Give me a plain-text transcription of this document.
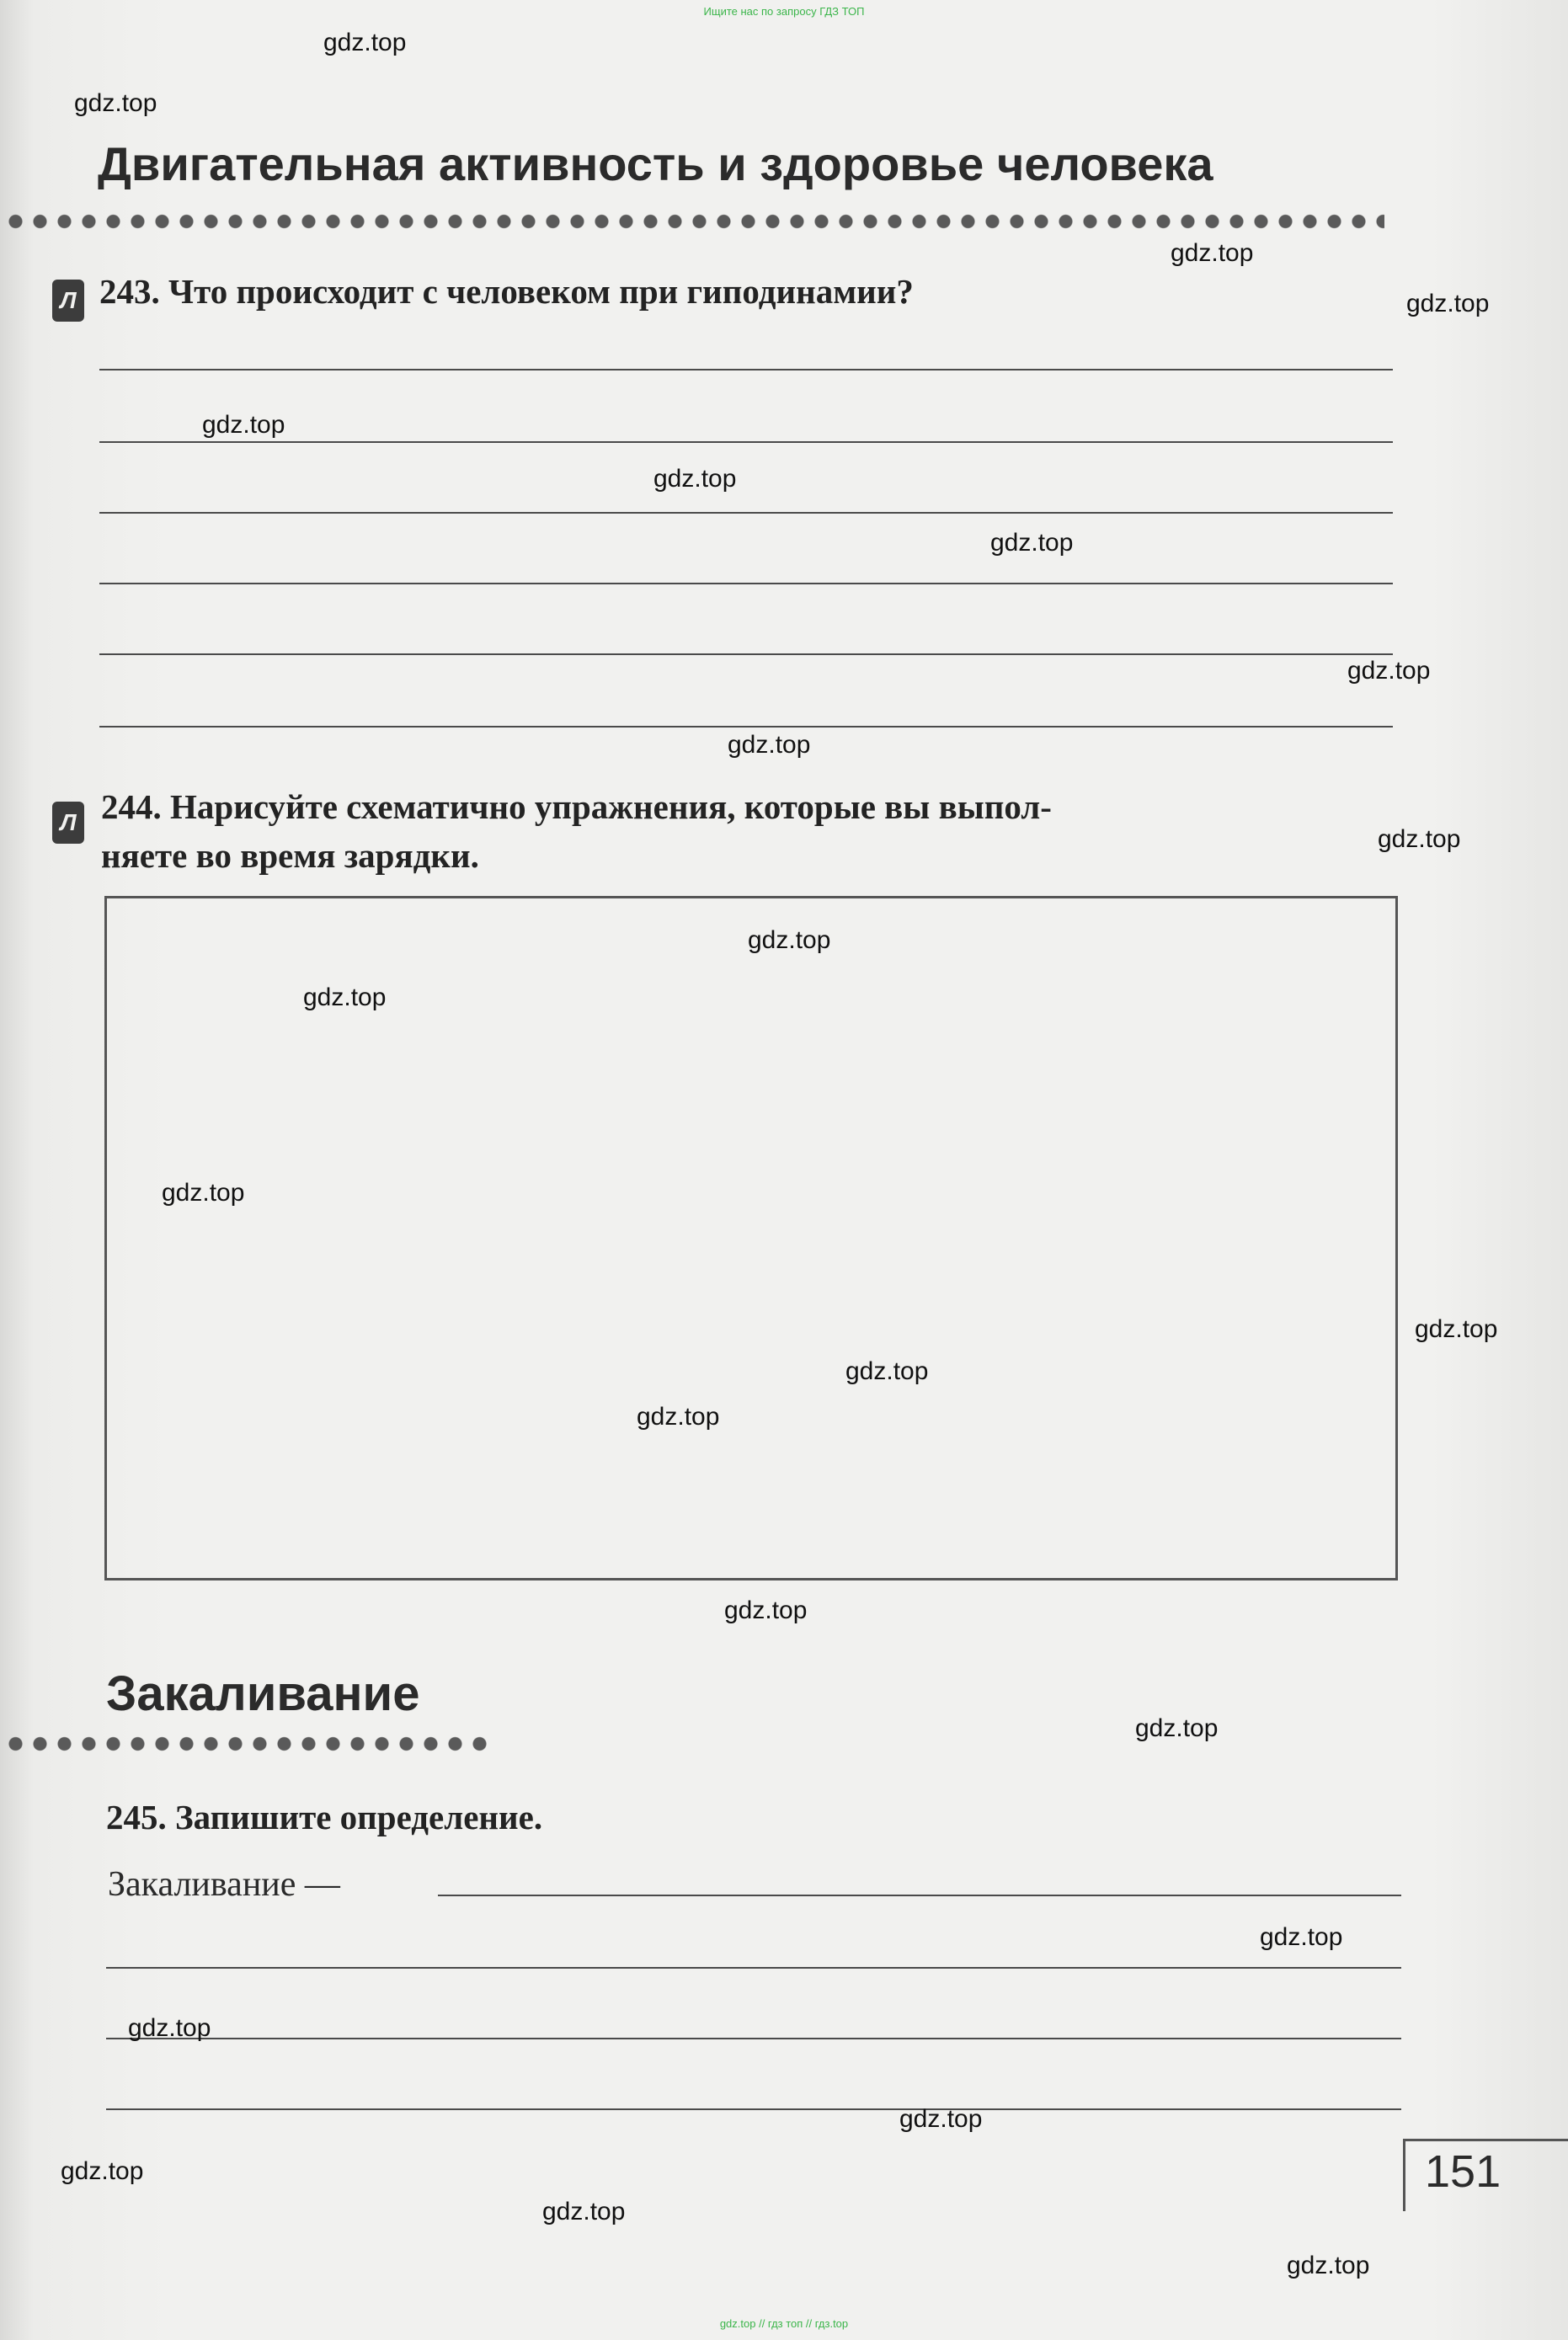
Ищите нас по запросу ГДЗ ТОП
Двигательная активность и здоровье человека
Л 243. Что происходит с человеком при гиподинамии?
Л 244. Нарисуйте схематично упражнения, которые вы выпол-
няете во время зарядки.
Закаливание
245. Запишите определение.
Закаливание —
151
gdz.top
gdz.top
gdz.top
gdz.top
gdz.top
gdz.top
gdz.top
gdz.top
gdz.top
gdz.top
gdz.top
gdz.top
gdz.top
gdz.top
gdz.top
gdz.top
gdz.top
gdz.top
gdz.top
gdz.top
gdz.top
gdz.top
gdz.top
gdz.top
gdz.top // гдз топ // гдз.top
